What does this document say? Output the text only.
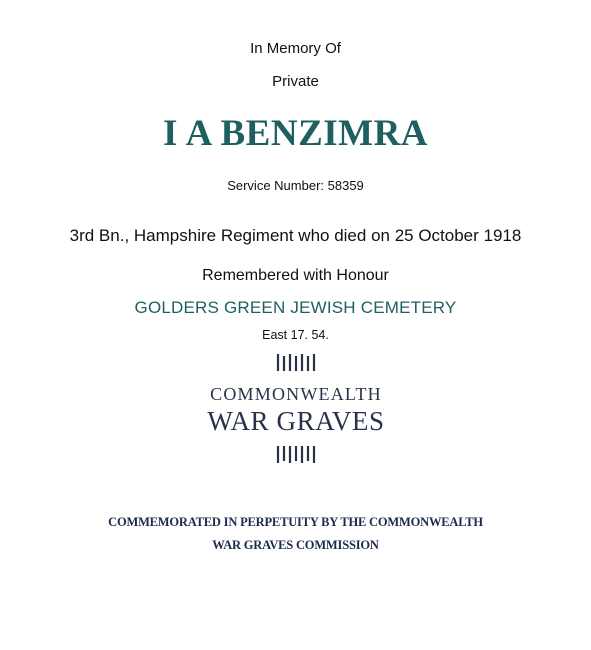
In Memory Of
Private
I A BENZIMRA
Service Number: 58359
3rd Bn., Hampshire Regiment who died on 25 October 1918
Remembered with Honour
GOLDERS GREEN JEWISH CEMETERY
East 17. 54.
COMMONWEALTH
WAR GRAVES
COMMEMORATED IN PERPETUITY BY THE COMMONWEALTH
WAR GRAVES COMMISSION
